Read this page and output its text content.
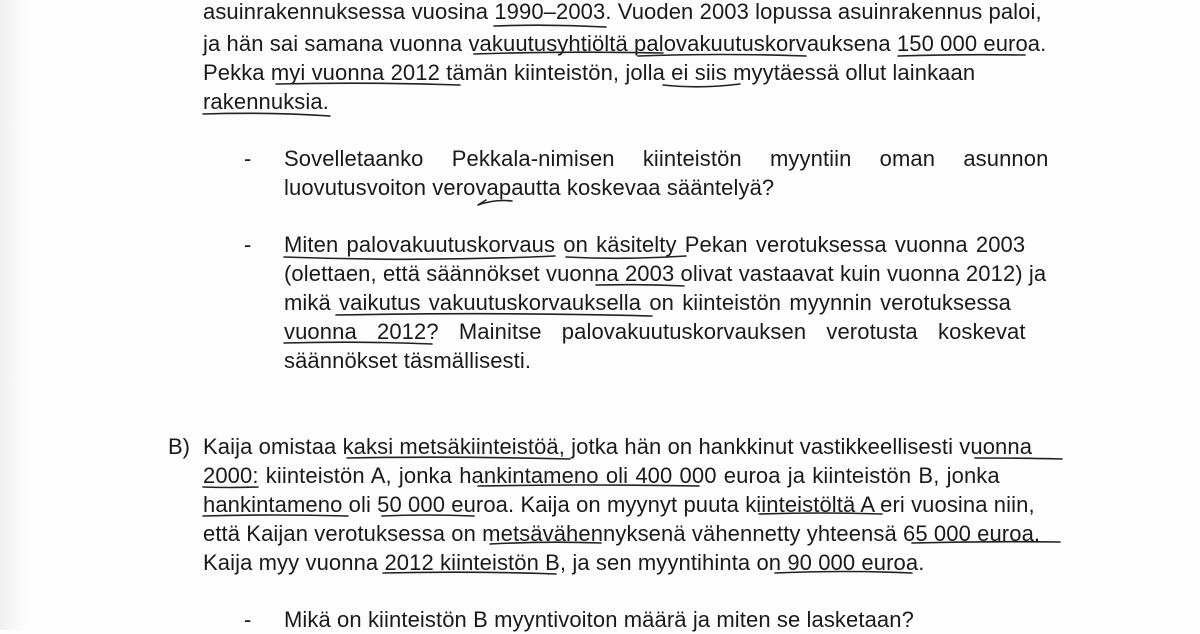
asuinrakennuksessa vuosina 1990–2003. Vuoden 2003 lopussa asuinrakennus paloi,
ja hän sai samana vuonna vakuutusyhtiöltä palovakuutuskorvauksena 150 000 euroa.
Pekka myi vuonna 2012 tämän kiinteistön, jolla ei siis myytäessä ollut lainkaan
rakennuksia.
- Sovelletaanko Pekkala-nimisen kiinteistön myyntiin oman asunnon
luovutusvoiton verovapautta koskevaa sääntelyä?
- Miten palovakuutuskorvaus on käsitelty Pekan verotuksessa vuonna 2003
(olettaen, että säännökset vuonna 2003 olivat vastaavat kuin vuonna 2012) ja
mikä vaikutus vakuutuskorvauksella on kiinteistön myynnin verotuksessa
vuonna 2012? Mainitse palovakuutuskorvauksen verotusta koskevat
säännökset täsmällisesti.
B) Kaija omistaa kaksi metsäkiinteistöä, jotka hän on hankkinut vastikkeellisesti vuonna
2000: kiinteistön A, jonka hankintameno oli 400 000 euroa ja kiinteistön B, jonka
hankintameno oli 50 000 euroa. Kaija on myynyt puuta kiinteistöltä A eri vuosina niin,
että Kaijan verotuksessa on metsävähennyksenä vähennetty yhteensä 65 000 euroa.
Kaija myy vuonna 2012 kiinteistön B, ja sen myyntihinta on 90 000 euroa.
- Mikä on kiinteistön B myyntivoiton määrä ja miten se lasketaan?
